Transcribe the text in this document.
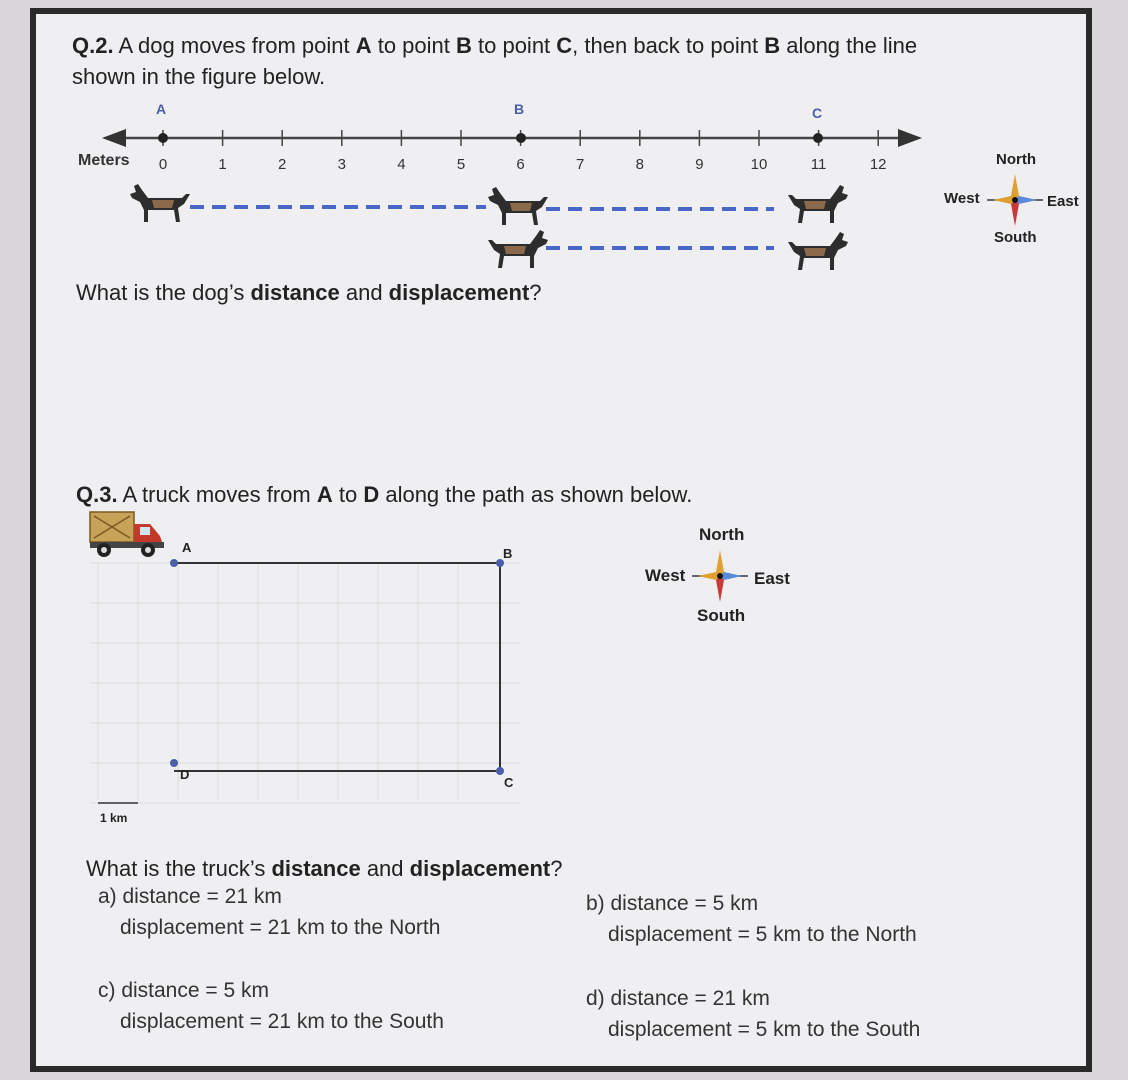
Q.2. A dog moves from point A to point B to point C, then back to point B along the line
shown in the figure below.
A	B	C
Meters	0	1	2	3	4	5	6	7	8	9	10	11	12	North
South
West	East
What is the dog’s distance and displacement?
Q.3. A truck moves from A to D along the path as shown below.
A	B
C
D
1 km
North
South
West	East
What is the truck’s distance and displacement?
a) distance = 21 km
displacement = 21 km to the North
b) distance = 5 km
displacement = 5 km to the North
c) distance = 5 km
displacement = 21 km to the South
d) distance = 21 km
displacement = 5 km to the South
